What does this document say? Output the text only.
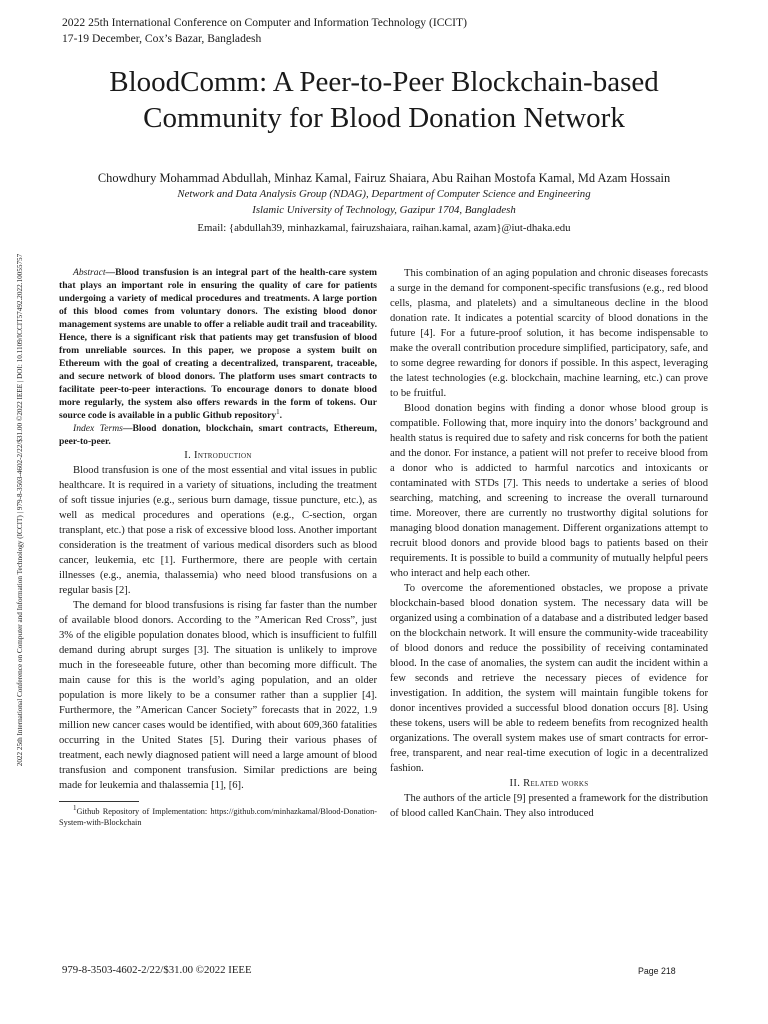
2022 25th International Conference on Computer and Information Technology (ICCIT)
17-19 December, Cox’s Bazar, Bangladesh
2022 25th International Conference on Computer and Information Technology (ICCIT) | 979-8-3503-4602-2/22/$31.00 ©2022 IEEE | DOI: 10.1109/ICCIT57492.2022.10055757
BloodComm: A Peer-to-Peer Blockchain-based
Community for Blood Donation Network
Chowdhury Mohammad Abdullah, Minhaz Kamal, Fairuz Shaiara, Abu Raihan Mostofa Kamal, Md Azam Hossain
Network and Data Analysis Group (NDAG), Department of Computer Science and Engineering
Islamic University of Technology, Gazipur 1704, Bangladesh
Email: {abdullah39, minhazkamal, fairuzshaiara, raihan.kamal, azam}@iut-dhaka.edu

Abstract—Blood transfusion is an integral part of the health-care system that plays an important role in ensuring the quality of care for patients undergoing a variety of medical procedures and treatments. A large portion of this blood comes from voluntary donors. The existing blood donor management systems are unable to offer a reliable audit trail and traceability. Hence, there is a significant risk that patients may get transfusion of blood from unreliable sources. In this paper, we propose a system built on Ethereum with the goal of creating a decentralized, transparent, traceable, and secure network of blood donors. The platform uses smart contracts to facilitate peer-to-peer interactions. To encourage donors to donate blood more regularly, the system also offers rewards in the form of tokens. Our source code is available in a public Github repository$^1$.

Index Terms—Blood donation, blockchain, smart contracts, Ethereum, peer-to-peer.

I. Introduction

Blood transfusion is one of the most essential and vital issues in public healthcare. It is required in a variety of situations, including the treatment of soft tissue injuries (e.g., serious burn damage, tissue puncture, etc.), as well as medical procedures and operations (e.g., C-section, organ transplant, etc.) that pose a risk of excessive blood loss. Another important consideration is the treatment of various medical disorders such as blood cancer, leukemia, etc [1]. Furthermore, there are people with certain illnesses (e.g., anemia, thalassemia) who need blood transfusions on a regular basis [2].

The demand for blood transfusions is rising far faster than the number of available blood donors. According to the ”American Red Cross”, just 3% of the eligible population donates blood, which is insufficient to fulfill demand during abrupt surges [3]. The situation is unlikely to improve much in the foreseeable future, other than becoming more difficult. The main cause for this is the world’s aging population, and an older population is more likely to be a consumer rather than a supplier [4]. Furthermore, the ”American Cancer Society” forecasts that in 2022, 1.9 million new cancer cases would be identified, with about 609,360 fatalities occurring in the United States [5]. During their various phases of treatment, each newly diagnosed patient will need a large amount of blood transfusion and component transfusion. Similar predictions are being made for leukemia and thalassemia [1], [6].

$^1$Github Repository of Implementation: https://github.com/minhazkamal/Blood-Donation-System-with-Blockchain

This combination of an aging population and chronic diseases forecasts a surge in the demand for component-specific transfusions (e.g., red blood cells, plasma, and platelets) and a simultaneous decline in the blood donation rate. It indicates a potential scarcity of blood donations in the future [4]. For a future-proof solution, it has become indispensable to make the overall contribution procedure simplified, participatory, safe, and to some degree rewarding for donors if possible. In this aspect, leveraging the latest technologies (e.g. blockchain, machine learning, etc.) can prove to be fruitful.

Blood donation begins with finding a donor whose blood group is compatible. Following that, more inquiry into the donors’ background and health status is required due to safety and risk concerns for both the patient and the donor. For instance, a patient will not prefer to receive blood from a donor who is addicted to harmful narcotics and intoxicants or contaminated with STDs [7]. This needs to undertake a series of blood searching, matching, and screening to increase the overall turnaround time. Moreover, there are currently no trustworthy digital solutions for managing blood donation management. Different organizations attempt to recruit blood donors and provide blood bags to patients based on their requirements. It is possible to build a community of mutually helpful peers who interact and help each other.

To overcome the aforementioned obstacles, we propose a private blockchain-based blood donation system. The necessary data will be organized using a combination of a database and a distributed ledger based on the blockchain network. It will ensure the community-wide traceability of blood donors and reduce the possibility of receiving contaminated blood. In the case of anomalies, the system can audit the incident within a few seconds and retrieve the necessary pieces of evidence for investigation. In addition, the system will maintain fungible tokens for donor incentives provided a successful blood donation occurs [8]. Using these tokens, users will be able to redeem benefits from recognized health organizations. The overall system makes use of smart contracts for error-free, transparent, and near real-time execution of logic in a decentralized fashion.

II. Related works

The authors of the article [9] presented a framework for the distribution of blood called KanChain. They also introduced

979-8-3503-4602-2/22/$31.00 ©2022 IEEE	Page 218
